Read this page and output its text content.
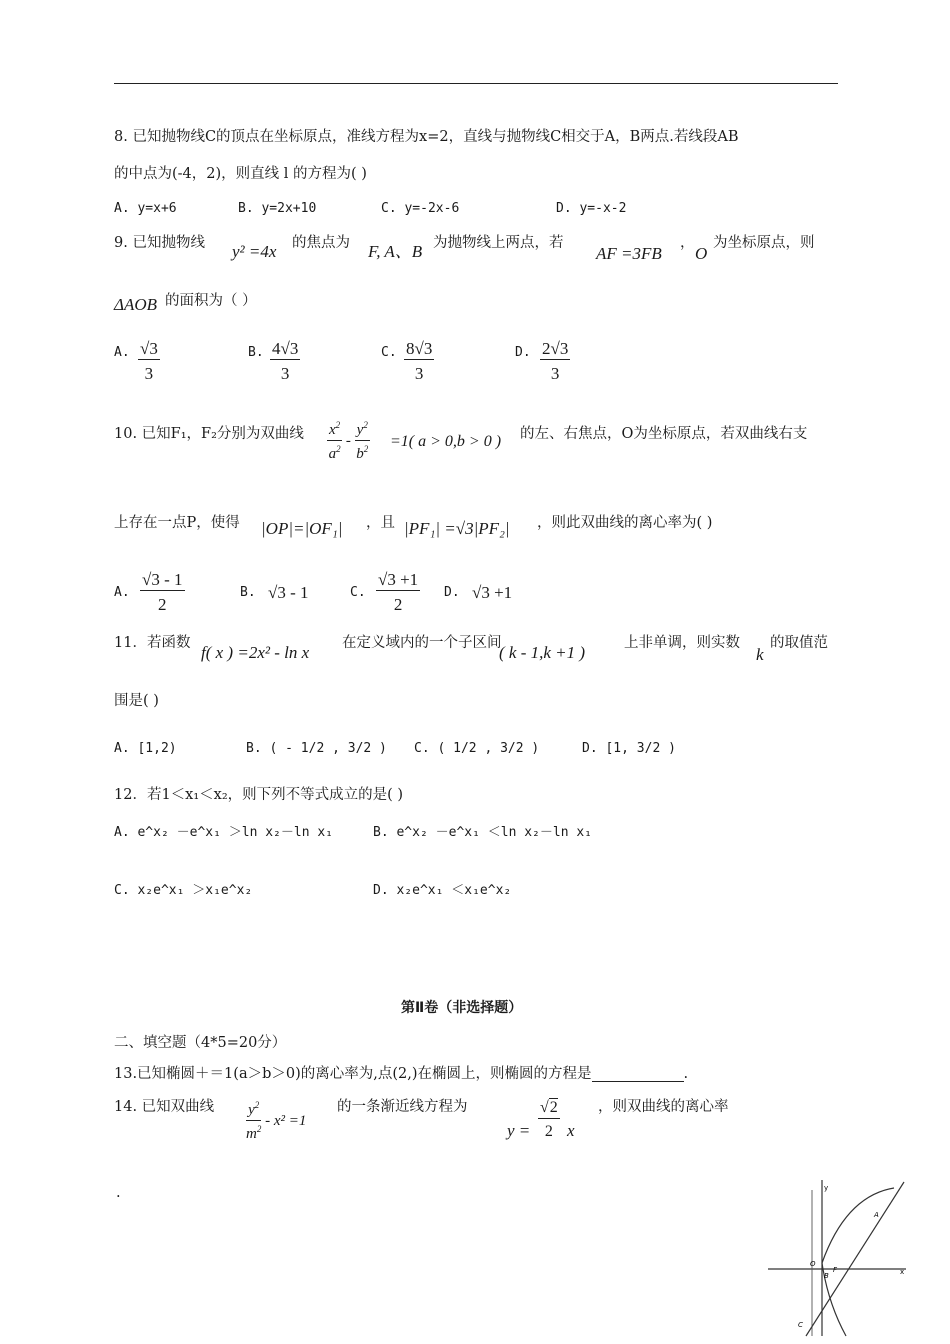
8. 已知抛物线C的顶点在坐标原点，准线方程为x=2，直线与抛物线C相交于A，B两点.若线段AB
的中点为(-4，2)，则直线 l 的方程为( )
A. y=x+6	B. y=2x+10	C. y=-2x-6	D. y=-x-2
9. 已知抛物线 y² =4x 的焦点为 F, A、B 为抛物线上两点，若
AF =3FB
，
O
为坐标原点，则
ΔAOB 的面积为（ ）
A. $\frac{√3}{3}$	B. $\frac{4√3}{3}$	C. $\frac{8√3}{3}$	D. $\frac{2√3}{3}$
10. 已知F₁，F₂分别为双曲线 $\frac{x^2}{a^2} - \frac{y^2}{b^2} =1$( a > 0,b > 0 ) 的左、右焦点，O为坐标原点，若双曲线右支
上存在一点P，使得 |OP|=|OF₁| ，且 |PF₁| =√3|PF₂| ，则此双曲线的离心率为( )
A. $\frac{√3 - 1}{2}$	B. √3 - 1	C. $\frac{√3 +1}{2} D$. √3 +1
11．若函数 f( x ) =2x² - ln x 在定义域内的一个子区间
( k - 1,k +1 )	上非单调，则实数
k
的取值范
围是( )
A. [1,2)	B. ( - 1/2 , 3/2 ) C. ( 1/2 , 3/2 )	D. [1, 3/2 )
12．若1＜x₁＜x₂，则下列不等式成立的是( )
A. e^x₂ －e^x₁ ＞ln x₂－ln x₁	B. e^x₂ －e^x₁ ＜ln x₂－ln x₁
C. x₂e^x₁ ＞x₁e^x₂	D. x₂e^x₁ ＜x₁e^x₂
第Ⅱ卷（非选择题）
二、填空题（4*5=20分）
13.已知椭圆＋＝1(a＞b＞0)的离心率为,点(2,)在椭圆上，则椭圆的方程是	.
14. 已知双曲线 $\frac{y^2}{m^2} - x^2 =1$
的一条渐近线方程为
$y = \frac{√2}{2}$ x
，则双曲线的离心率
.	y
A
O
B
F
C
x
